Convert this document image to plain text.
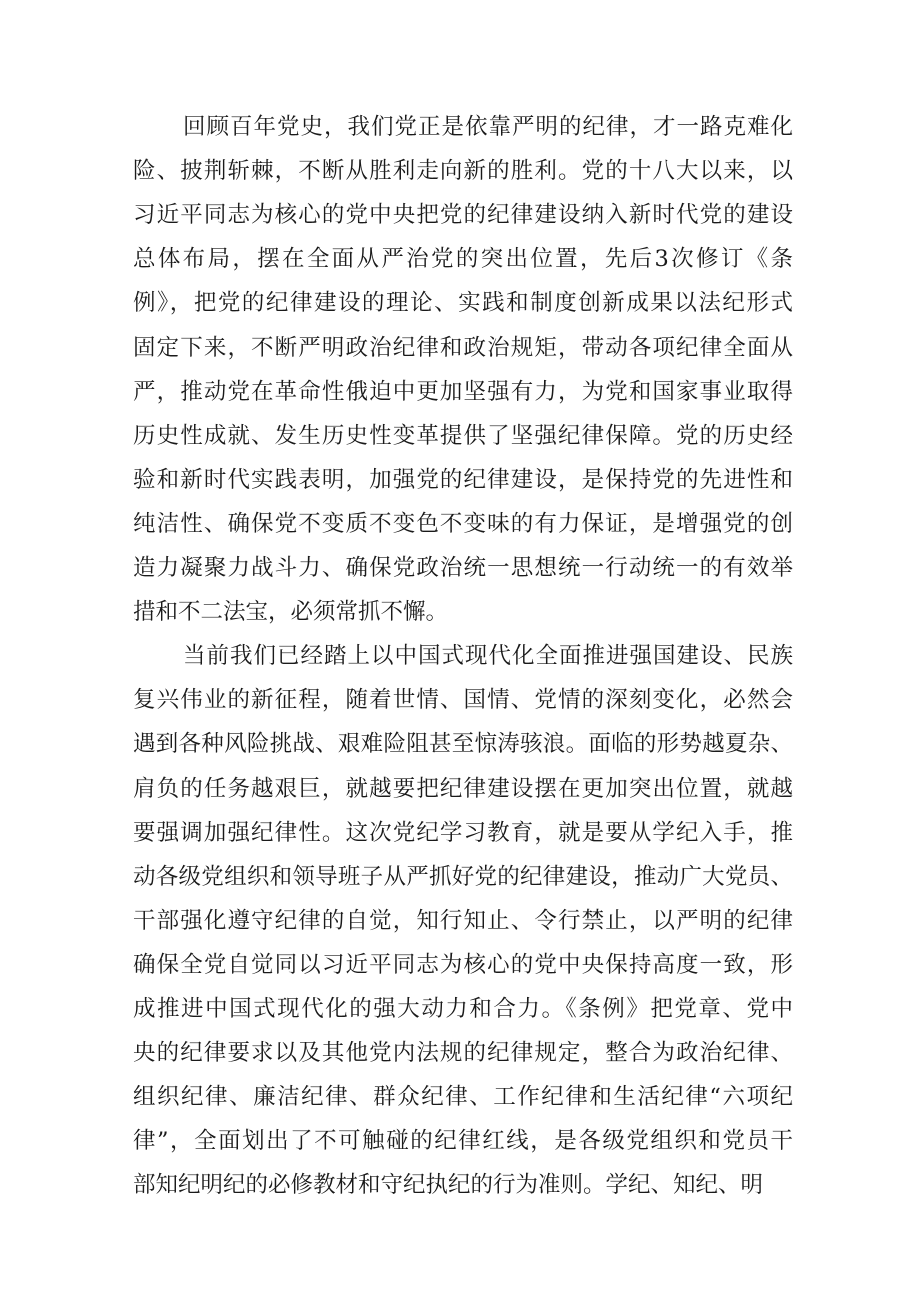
回顾百年党史，我们党正是依靠严明的纪律，才一路克难化

险、披荆斩棘，不断从胜利走向新的胜利。党的十八大以来，以

习近平同志为核心的党中央把党的纪律建设纳入新时代党的建设

总体布局，摆在全面从严治党的突出位置，先后3次修订《条

例》，把党的纪律建设的理论、实践和制度创新成果以法纪形式

固定下来，不断严明政治纪律和政治规矩，带动各项纪律全面从

严，推动党在革命性俄迫中更加坚强有力，为党和国家事业取得

历史性成就、发生历史性变革提供了坚强纪律保障。党的历史经

验和新时代实践表明，加强党的纪律建设，是保持党的先进性和

纯洁性、确保党不变质不变色不变味的有力保证，是增强党的创

造力凝聚力战斗力、确保党政治统一思想统一行动统一的有效举

措和不二法宝，必须常抓不懈。

当前我们已经踏上以中国式现代化全面推进强国建设、民族

复兴伟业的新征程，随着世情、国情、党情的深刻变化，必然会

遇到各种风险挑战、艰难险阻甚至惊涛骇浪。面临的形势越夏杂、

肩负的任务越艰巨，就越要把纪律建设摆在更加突出位置，就越

要强调加强纪律性。这次党纪学习教育，就是要从学纪入手，推

动各级党组织和领导班子从严抓好党的纪律建设，推动广大党员、

干部强化遵守纪律的自觉，知行知止、令行禁止，以严明的纪律

确保全党自觉同以习近平同志为核心的党中央保持高度一致，形

成推进中国式现代化的强大动力和合力。《条例》把党章、党中

央的纪律要求以及其他党内法规的纪律规定，整合为政治纪律、

组织纪律、廉洁纪律、群众纪律、工作纪律和生活纪律“六项纪

律”，全面划出了不可触碰的纪律红线，是各级党组织和党员干

部知纪明纪的必修教材和守纪执纪的行为准则。学纪、知纪、明
